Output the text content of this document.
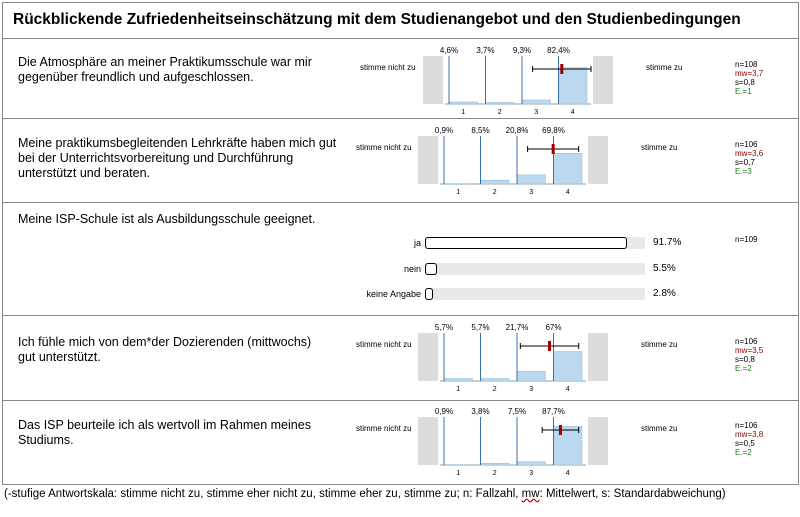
Rückblickende Zufriedenheitseinschätzung mit dem Studienangebot und den Studienbedingungen
Die Atmosphäre an meiner Praktikumsschule war mir gegenüber freundlich und aufgeschlossen.
stimme nicht zu	stimme zu
4,6%
1
3,7%
2
9,3%
3
82,4%
4
n=108
mw=3,7
s=0,8
E.=1
Meine praktikumsbegleitenden Lehrkräfte haben mich gut bei der Unterrichtsvorbereitung und Durchführung unterstützt und beraten.
stimme nicht zu	stimme zu
0,9%
1
8,5%
2
20,8%
3
69,8%
4
n=106
mw=3,6
s=0,7
E.=3
Meine ISP-Schule ist als Ausbildungsschule geeignet.
n=109
ja	91.7%
nein	5.5%
keine Angabe	2.8%
Ich fühle mich von dem*der Dozierenden (mittwochs) gut unterstützt.
stimme nicht zu	stimme zu
5,7%
1
5,7%
2
21,7%
3
67%
4
n=106
mw=3,5
s=0,8
E.=2
Das ISP beurteile ich als wertvoll im Rahmen meines Studiums.
stimme nicht zu	stimme zu
0,9%
1
3,8%
2
7,5%
3
87,7%
4
n=106
mw=3,8
s=0,5
E.=2
(-stufige Antwortskala: stimme nicht zu, stimme eher nicht zu, stimme eher zu, stimme zu; n: Fallzahl, mw: Mittelwert, s: Standardabweichung)
